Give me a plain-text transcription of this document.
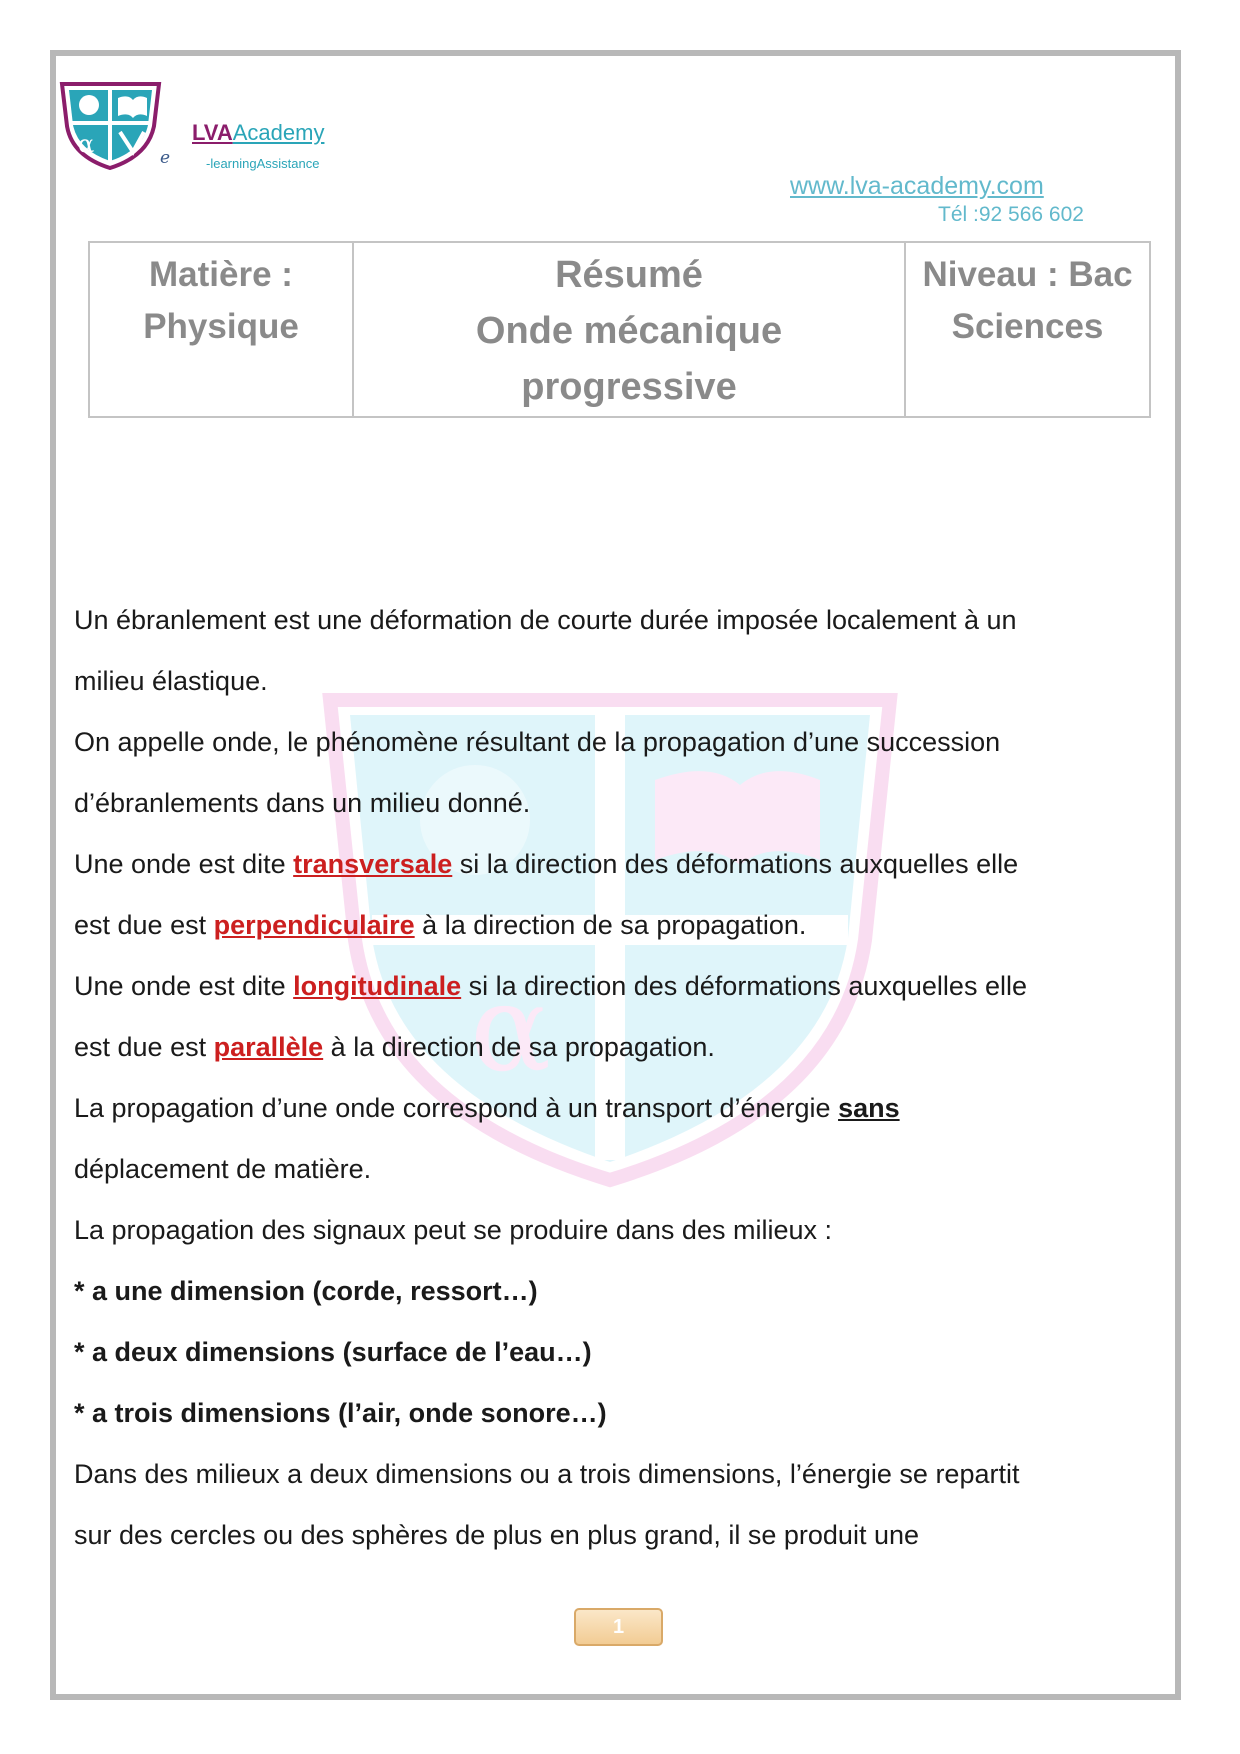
α
α	e
LVAAcademy
-learningAssistance
www.lva-academy.com
Tél :92 566 602
Matière :
Physique

Résumé
Onde mécanique
progressive

Niveau : Bac
Sciences

Un ébranlement est une déformation de courte durée imposée localement à un

milieu élastique.

On appelle onde, le phénomène résultant de la propagation d’une succession

d’ébranlements dans un milieu donné.

Une onde est dite transversale si la direction des déformations auxquelles elle

est due est perpendiculaire à la direction de sa propagation.

Une onde est dite longitudinale si la direction des déformations auxquelles elle

est due est parallèle à la direction de sa propagation.

La propagation d’une onde correspond à un transport d’énergie sans

déplacement de matière.

La propagation des signaux peut se produire dans des milieux :

* a une dimension (corde, ressort…)

* a deux dimensions (surface de l’eau…)

* a trois dimensions (l’air, onde sonore…)

Dans des milieux a deux dimensions ou a trois dimensions, l’énergie se repartit

sur des cercles ou des sphères de plus en plus grand, il se produit une

1
